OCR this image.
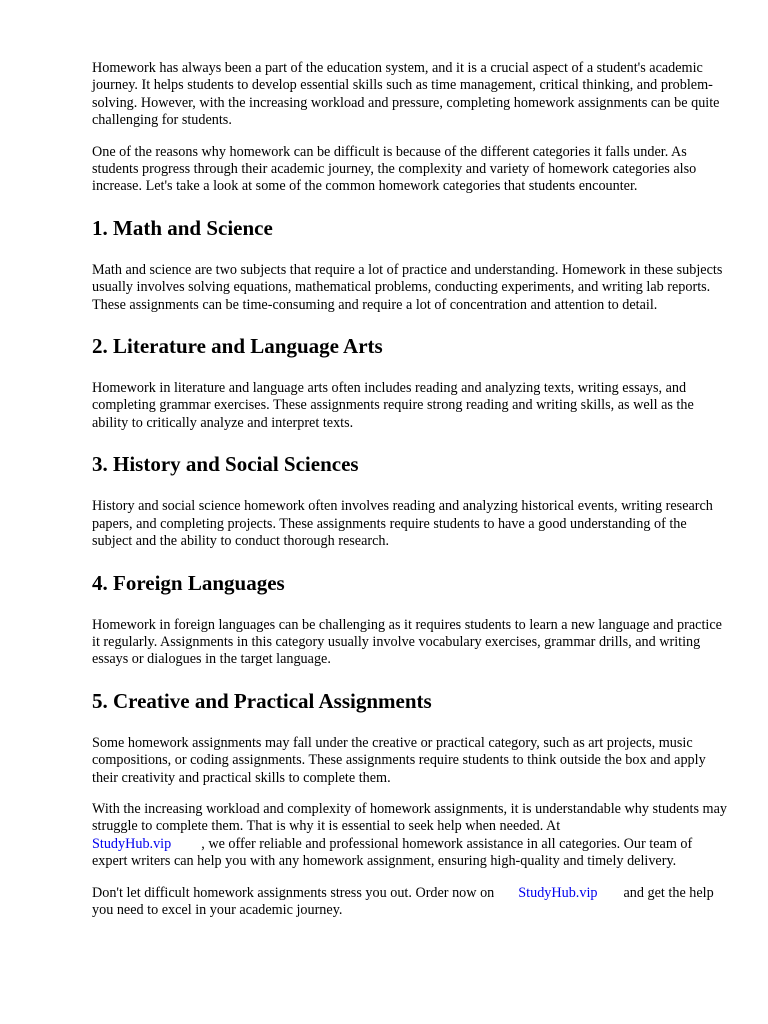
Homework has always been a part of the education system, and it is a crucial aspect of a student's academic journey. It helps students to develop essential skills such as time management, critical thinking, and problem-solving. However, with the increasing workload and pressure, completing homework assignments can be quite challenging for students.

One of the reasons why homework can be difficult is because of the different categories it falls under. As students progress through their academic journey, the complexity and variety of homework categories also increase. Let's take a look at some of the common homework categories that students encounter.

1. Math and Science

Math and science are two subjects that require a lot of practice and understanding. Homework in these subjects usually involves solving equations, mathematical problems, conducting experiments, and writing lab reports. These assignments can be time-consuming and require a lot of concentration and attention to detail.

2. Literature and Language Arts

Homework in literature and language arts often includes reading and analyzing texts, writing essays, and completing grammar exercises. These assignments require strong reading and writing skills, as well as the ability to critically analyze and interpret texts.

3. History and Social Sciences

History and social science homework often involves reading and analyzing historical events, writing research papers, and completing projects. These assignments require students to have a good understanding of the subject and the ability to conduct thorough research.

4. Foreign Languages

Homework in foreign languages can be challenging as it requires students to learn a new language and practice it regularly. Assignments in this category usually involve vocabulary exercises, grammar drills, and writing essays or dialogues in the target language.

5. Creative and Practical Assignments

Some homework assignments may fall under the creative or practical category, such as art projects, music compositions, or coding assignments. These assignments require students to think outside the box and apply their creativity and practical skills to complete them.

With the increasing workload and complexity of homework assignments, it is understandable why students may struggle to complete them. That is why it is essential to seek help when needed. At
StudyHub.vip , we offer reliable and professional homework assistance in all categories. Our team of expert writers can help you with any homework assignment, ensuring high-quality and timely delivery.

Don't let difficult homework assignments stress you out. Order now on StudyHub.vip and get the help you need to excel in your academic journey.
